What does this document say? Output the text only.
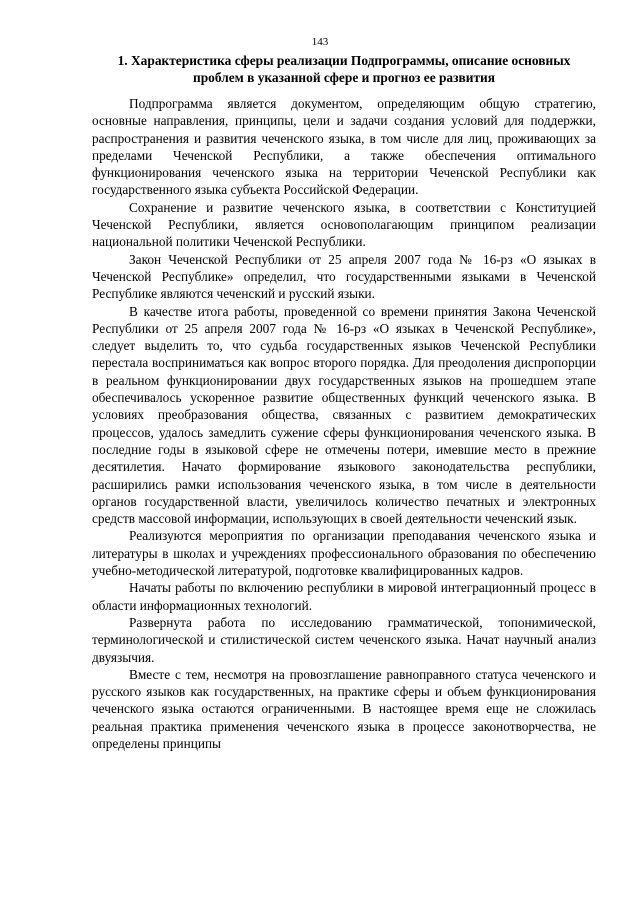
143
1. Характеристика сферы реализации Подпрограммы, описание основных проблем в указанной сфере и прогноз ее развития

Подпрограмма является документом, определяющим общую стратегию, основные направления, принципы, цели и задачи создания условий для поддержки, распространения и развития чеченского языка, в том числе для лиц, проживающих за пределами Чеченской Республики, а также обеспечения оптимального функционирования чеченского языка на территории Чеченской Республики как государственного языка субъекта Российской Федерации.

Сохранение и развитие чеченского языка, в соответствии с Конституцией Чеченской Республики, является основополагающим принципом реализации национальной политики Чеченской Республики.

Закон Чеченской Республики от 25 апреля 2007 года № 16-рз «О языках в Чеченской Республике» определил, что государственными языками в Чеченской Республике являются чеченский и русский языки.

В качестве итога работы, проведенной со времени принятия Закона Чеченской Республики от 25 апреля 2007 года № 16-рз «О языках в Чеченской Республике», следует выделить то, что судьба государственных языков Чеченской Республики перестала восприниматься как вопрос второго порядка. Для преодоления диспропорции в реальном функционировании двух государственных языков на прошедшем этапе обеспечивалось ускоренное развитие общественных функций чеченского языка. В условиях преобразования общества, связанных с развитием демократических процессов, удалось замедлить сужение сферы функционирования чеченского языка. В последние годы в языковой сфере не отмечены потери, имевшие место в прежние десятилетия. Начато формирование языкового законодательства республики, расширились рамки использования чеченского языка, в том числе в деятельности органов государственной власти, увеличилось количество печатных и электронных средств массовой информации, использующих в своей деятельности чеченский язык.

Реализуются мероприятия по организации преподавания чеченского языка и литературы в школах и учреждениях профессионального образования по обеспечению учебно-методической литературой, подготовке квалифицированных кадров.

Начаты работы по включению республики в мировой интеграционный процесс в области информационных технологий.

Развернута работа по исследованию грамматической, топонимической, терминологической и стилистической систем чеченского языка. Начат научный анализ двуязычия.

Вместе с тем, несмотря на провозглашение равноправного статуса чеченского и русского языков как государственных, на практике сферы и объем функционирования чеченского языка остаются ограниченными. В настоящее время еще не сложилась реальная практика применения чеченского языка в процессе законотворчества, не определены принципы
